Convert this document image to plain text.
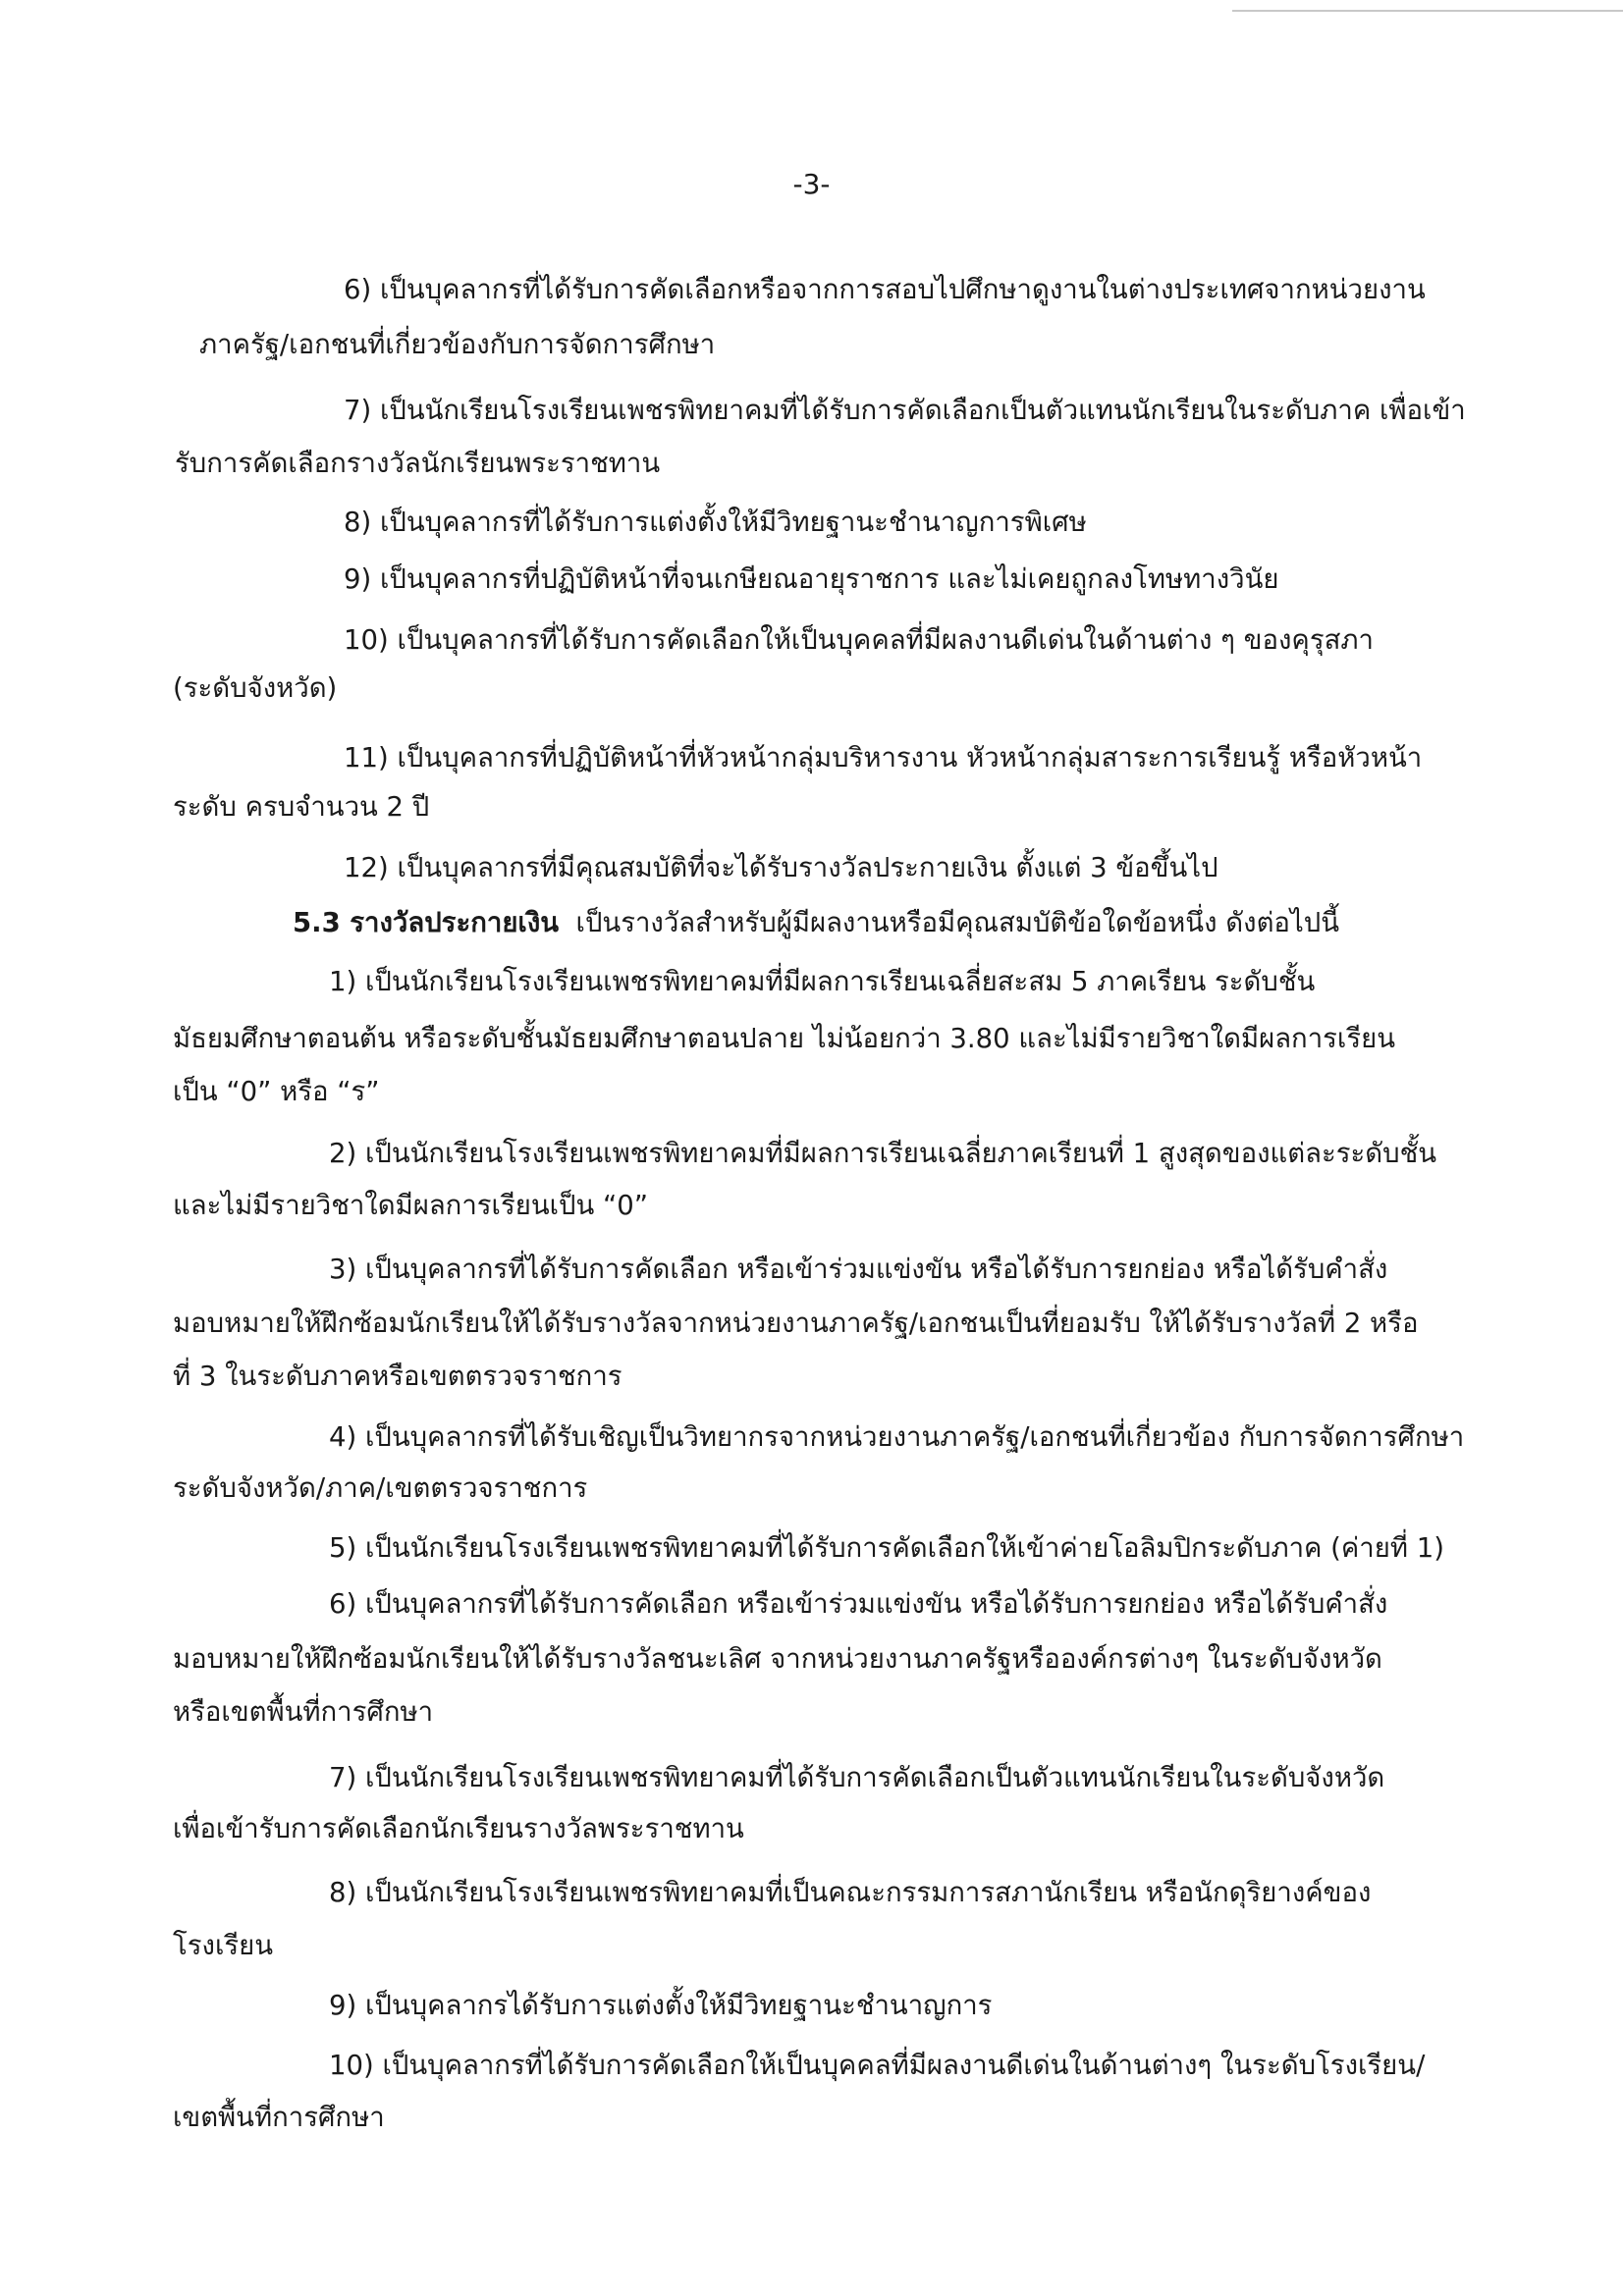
-3-
6) เป็นบุคลากรที่ได้รับการคัดเลือกหรือจากการสอบไปศึกษาดูงานในต่างประเทศจากหน่วยงาน
ภาครัฐ/เอกชนที่เกี่ยวข้องกับการจัดการศึกษา
7) เป็นนักเรียนโรงเรียนเพชรพิทยาคมที่ได้รับการคัดเลือกเป็นตัวแทนนักเรียนในระดับภาค เพื่อเข้า
รับการคัดเลือกรางวัลนักเรียนพระราชทาน
8) เป็นบุคลากรที่ได้รับการแต่งตั้งให้มีวิทยฐานะชำนาญการพิเศษ
9) เป็นบุคลากรที่ปฏิบัติหน้าที่จนเกษียณอายุราชการ และไม่เคยถูกลงโทษทางวินัย
10) เป็นบุคลากรที่ได้รับการคัดเลือกให้เป็นบุคคลที่มีผลงานดีเด่นในด้านต่าง ๆ ของคุรุสภา
(ระดับจังหวัด)
11) เป็นบุคลากรที่ปฏิบัติหน้าที่หัวหน้ากลุ่มบริหารงาน หัวหน้ากลุ่มสาระการเรียนรู้ หรือหัวหน้า
ระดับ ครบจำนวน 2 ปี
12) เป็นบุคลากรที่มีคุณสมบัติที่จะได้รับรางวัลประกายเงิน ตั้งแต่ 3 ข้อขึ้นไป
5.3 รางวัลประกายเงิน เป็นรางวัลสำหรับผู้มีผลงานหรือมีคุณสมบัติข้อใดข้อหนึ่ง ดังต่อไปนี้
1) เป็นนักเรียนโรงเรียนเพชรพิทยาคมที่มีผลการเรียนเฉลี่ยสะสม 5 ภาคเรียน ระดับชั้น
มัธยมศึกษาตอนต้น หรือระดับชั้นมัธยมศึกษาตอนปลาย ไม่น้อยกว่า 3.80 และไม่มีรายวิชาใดมีผลการเรียน
เป็น “0” หรือ “ร”
2) เป็นนักเรียนโรงเรียนเพชรพิทยาคมที่มีผลการเรียนเฉลี่ยภาคเรียนที่ 1 สูงสุดของแต่ละระดับชั้น
และไม่มีรายวิชาใดมีผลการเรียนเป็น “0”
3) เป็นบุคลากรที่ได้รับการคัดเลือก หรือเข้าร่วมแข่งขัน หรือได้รับการยกย่อง หรือได้รับคำสั่ง
มอบหมายให้ฝึกซ้อมนักเรียนให้ได้รับรางวัลจากหน่วยงานภาครัฐ/เอกชนเป็นที่ยอมรับ ให้ได้รับรางวัลที่ 2 หรือ
ที่ 3 ในระดับภาคหรือเขตตรวจราชการ
4) เป็นบุคลากรที่ได้รับเชิญเป็นวิทยากรจากหน่วยงานภาครัฐ/เอกชนที่เกี่ยวข้อง กับการจัดการศึกษา
ระดับจังหวัด/ภาค/เขตตรวจราชการ
5) เป็นนักเรียนโรงเรียนเพชรพิทยาคมที่ได้รับการคัดเลือกให้เข้าค่ายโอลิมปิกระดับภาค (ค่ายที่ 1)
6) เป็นบุคลากรที่ได้รับการคัดเลือก หรือเข้าร่วมแข่งขัน หรือได้รับการยกย่อง หรือได้รับคำสั่ง
มอบหมายให้ฝึกซ้อมนักเรียนให้ได้รับรางวัลชนะเลิศ จากหน่วยงานภาครัฐหรือองค์กรต่างๆ ในระดับจังหวัด
หรือเขตพื้นที่การศึกษา
7) เป็นนักเรียนโรงเรียนเพชรพิทยาคมที่ได้รับการคัดเลือกเป็นตัวแทนนักเรียนในระดับจังหวัด
เพื่อเข้ารับการคัดเลือกนักเรียนรางวัลพระราชทาน
8) เป็นนักเรียนโรงเรียนเพชรพิทยาคมที่เป็นคณะกรรมการสภานักเรียน หรือนักดุริยางค์ของ
โรงเรียน
9) เป็นบุคลากรได้รับการแต่งตั้งให้มีวิทยฐานะชำนาญการ
10) เป็นบุคลากรที่ได้รับการคัดเลือกให้เป็นบุคคลที่มีผลงานดีเด่นในด้านต่างๆ ในระดับโรงเรียน/
เขตพื้นที่การศึกษา
